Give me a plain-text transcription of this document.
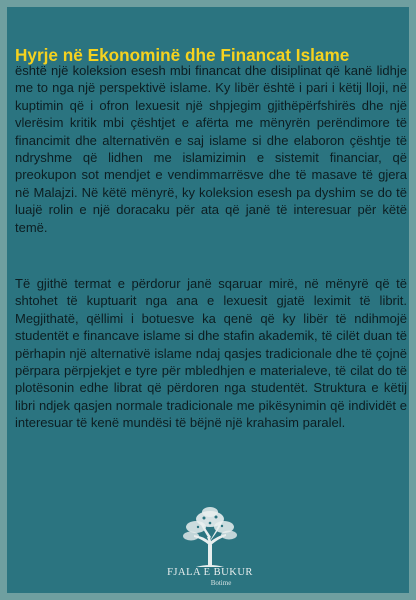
Hyrje në Ekonominë dhe Financat Islame

është një koleksion esesh mbi financat dhe disiplinat që kanë lidhje me to nga një perspektivë islame. Ky libër është i pari i këtij lloji, në kuptimin që i ofron lexuesit një shpjegim gjithëpërfshirës dhe një vlerësim kritik mbi çështjet e afërta me mënyrën perëndimore të financimit dhe alternativën e saj islame si dhe elaboron çështje të ndryshme që lidhen me islamizimin e sistemit financiar, që preokupon sot mendjet e vendimmarrësve dhe të masave të gjera në Malajzi. Në këtë mënyrë, ky koleksion esesh pa dyshim se do të luajë rolin e një doracaku për ata që janë të interesuar për këtë temë.

Të gjithë termat e përdorur janë sqaruar mirë, në mënyrë që të shtohet të kuptuarit nga ana e lexuesit gjatë leximit të librit. Megjithatë, qëllimi i botuesve ka qenë që ky libër të ndihmojë studentët e financave islame si dhe stafin akademik, të cilët duan të përhapin një alternativë islame ndaj qasjes tradicionale dhe të çojnë përpara përpjekjet e tyre për mbledhjen e materialeve, të cilat do të plotësonin edhe librat që përdoren nga studentët. Struktura e këtij libri ndjek qasjen normale tradicionale me pikësynimin që individët e interesuar të kenë mundësi të bëjnë një krahasim paralel.

FJALA E BUKUR
Botime
